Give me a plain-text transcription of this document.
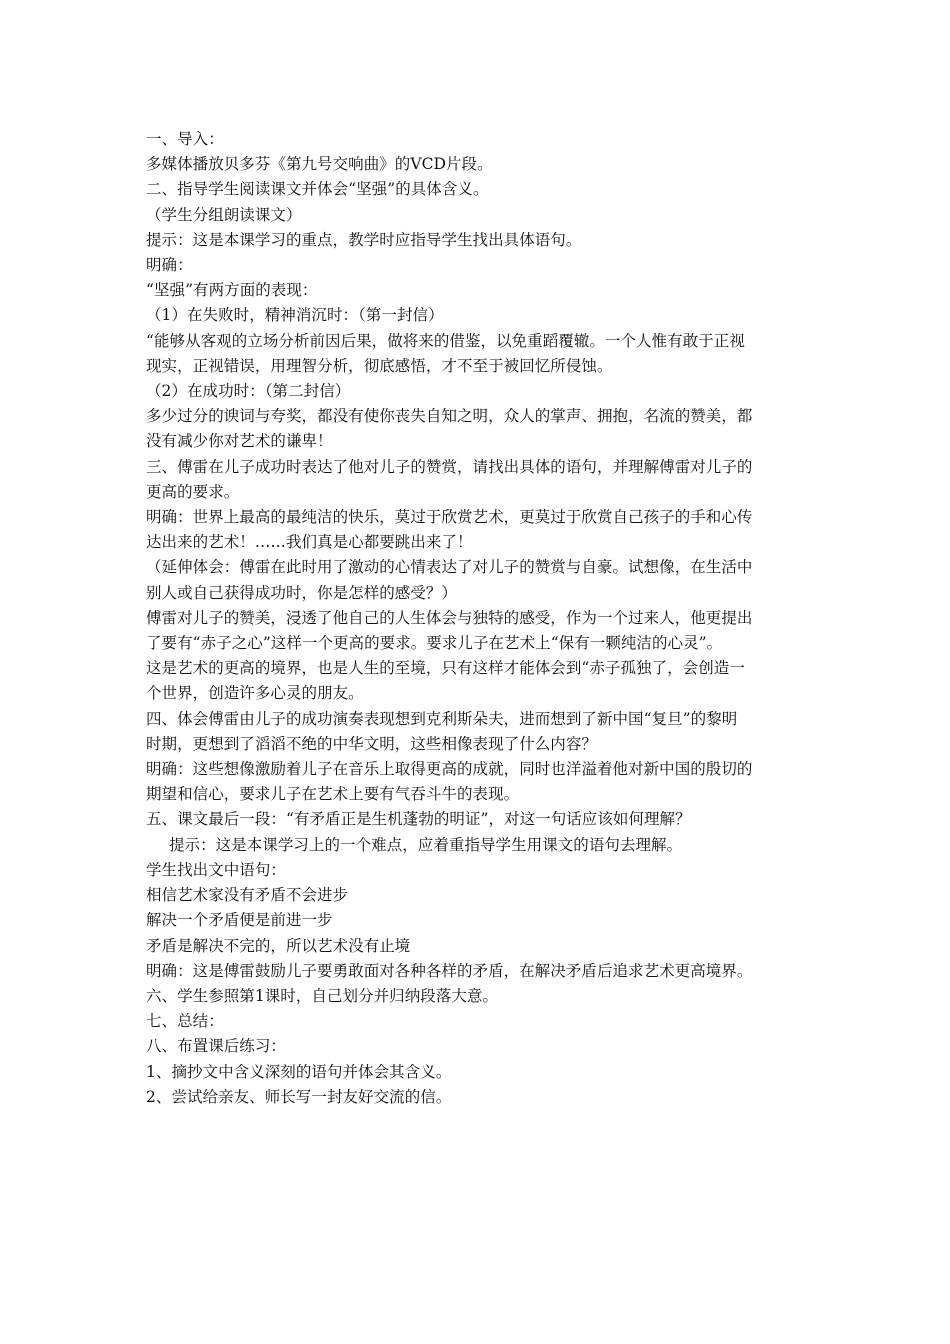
一、导入：
多媒体播放贝多芬《第九号交响曲》的VCD片段。
二、指导学生阅读课文并体会“坚强”的具体含义。
（学生分组朗读课文）
提示：这是本课学习的重点，教学时应指导学生找出具体语句。
明确：
“坚强”有两方面的表现：
（1）在失败时，精神消沉时：（第一封信）
“能够从客观的立场分析前因后果，做将来的借鉴，以免重蹈覆辙。一个人惟有敢于正视
现实，正视错误，用理智分析，彻底感悟，才不至于被回忆所侵蚀。
（2）在成功时：（第二封信）
多少过分的谀词与夸奖，都没有使你丧失自知之明，众人的掌声、拥抱，名流的赞美，都
没有减少你对艺术的谦卑！
三、傅雷在儿子成功时表达了他对儿子的赞赏，请找出具体的语句，并理解傅雷对儿子的
更高的要求。
明确：世界上最高的最纯洁的快乐，莫过于欣赏艺术，更莫过于欣赏自己孩子的手和心传
达出来的艺术！……我们真是心都要跳出来了！
（延伸体会：傅雷在此时用了激动的心情表达了对儿子的赞赏与自豪。试想像，在生活中
别人或自己获得成功时，你是怎样的感受？）
傅雷对儿子的赞美，浸透了他自己的人生体会与独特的感受，作为一个过来人，他更提出
了要有“赤子之心”这样一个更高的要求。要求儿子在艺术上“保有一颗纯洁的心灵”。
这是艺术的更高的境界，也是人生的至境，只有这样才能体会到“赤子孤独了，会创造一
个世界，创造许多心灵的朋友。
四、体会傅雷由儿子的成功演奏表现想到克利斯朵夫，进而想到了新中国“复旦”的黎明
时期，更想到了滔滔不绝的中华文明，这些相像表现了什么内容？
明确：这些想像激励着儿子在音乐上取得更高的成就，同时也洋溢着他对新中国的殷切的
期望和信心，要求儿子在艺术上要有气吞斗牛的表现。
五、课文最后一段：“有矛盾正是生机蓬勃的明证”，对这一句话应该如何理解？
提示：这是本课学习上的一个难点，应着重指导学生用课文的语句去理解。
学生找出文中语句：
相信艺术家没有矛盾不会进步
解决一个矛盾便是前进一步
矛盾是解决不完的，所以艺术没有止境
明确：这是傅雷鼓励儿子要勇敢面对各种各样的矛盾，在解决矛盾后追求艺术更高境界。
六、学生参照第1课时，自己划分并归纳段落大意。
七、总结：
八、布置课后练习：
1、摘抄文中含义深刻的语句并体会其含义。
2、尝试给亲友、师长写一封友好交流的信。
